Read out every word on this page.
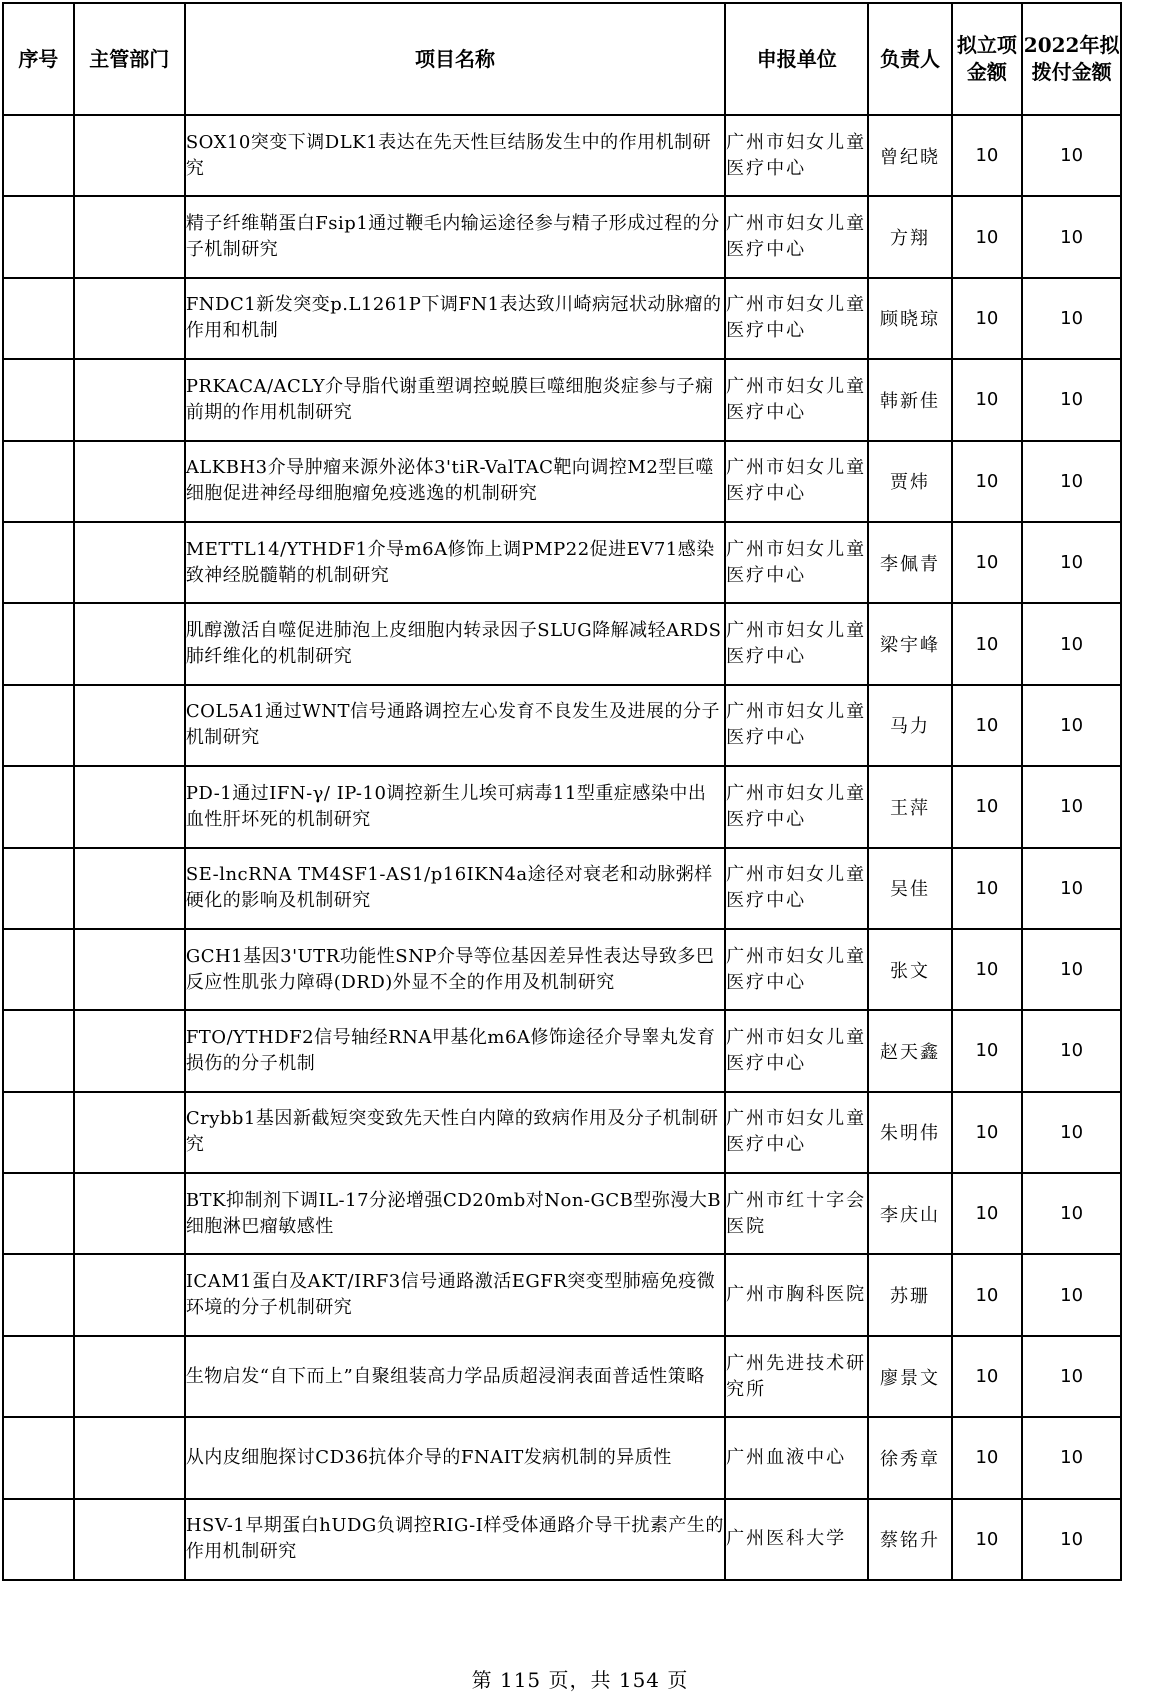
序号	主管部门	项目名称	申报单位	负责人	拟立项金额	2022年拟拨付金额
		SOX10突变下调DLK1表达在先天性巨结肠发生中的作用机制研究	广州市妇女儿童医疗中心	曾纪晓	10	10
		精子纤维鞘蛋白Fsip1通过鞭毛内输运途径参与精子形成过程的分子机制研究	广州市妇女儿童医疗中心	方翔	10	10
		FNDC1新发突变p.L1261P下调FN1表达致川崎病冠状动脉瘤的作用和机制	广州市妇女儿童医疗中心	顾晓琼	10	10
		PRKACA/ACLY介导脂代谢重塑调控蜕膜巨噬细胞炎症参与子痫前期的作用机制研究	广州市妇女儿童医疗中心	韩新佳	10	10
		ALKBH3介导肿瘤来源外泌体3'tiR-ValTAC靶向调控M2型巨噬细胞促进神经母细胞瘤免疫逃逸的机制研究	广州市妇女儿童医疗中心	贾炜	10	10
		METTL14/YTHDF1介导m6A修饰上调PMP22促进EV71感染致神经脱髓鞘的机制研究	广州市妇女儿童医疗中心	李佩青	10	10
		肌醇激活自噬促进肺泡上皮细胞内转录因子SLUG降解减轻ARDS肺纤维化的机制研究	广州市妇女儿童医疗中心	梁宇峰	10	10
		COL5A1通过WNT信号通路调控左心发育不良发生及进展的分子机制研究	广州市妇女儿童医疗中心	马力	10	10
		PD-1通过IFN-γ/ IP-10调控新生儿埃可病毒11型重症感染中出血性肝坏死的机制研究	广州市妇女儿童医疗中心	王萍	10	10
		SE-lncRNA TM4SF1-AS1/p16IKN4a途径对衰老和动脉粥样硬化的影响及机制研究	广州市妇女儿童医疗中心	吴佳	10	10
		GCH1基因3'UTR功能性SNP介导等位基因差异性表达导致多巴反应性肌张力障碍(DRD)外显不全的作用及机制研究	广州市妇女儿童医疗中心	张文	10	10
		FTO/YTHDF2信号轴经RNA甲基化m6A修饰途径介导睾丸发育损伤的分子机制	广州市妇女儿童医疗中心	赵天鑫	10	10
		Crybb1基因新截短突变致先天性白内障的致病作用及分子机制研究	广州市妇女儿童医疗中心	朱明伟	10	10
		BTK抑制剂下调IL-17分泌增强CD20mb对Non-GCB型弥漫大B细胞淋巴瘤敏感性	广州市红十字会医院	李庆山	10	10
		ICAM1蛋白及AKT/IRF3信号通路激活EGFR突变型肺癌免疫微环境的分子机制研究	广州市胸科医院	苏珊	10	10
		生物启发“自下而上”自聚组装高力学品质超浸润表面普适性策略	广州先进技术研究所	廖景文	10	10
		从内皮细胞探讨CD36抗体介导的FNAIT发病机制的异质性	广州血液中心	徐秀章	10	10
		HSV-1早期蛋白hUDG负调控RIG-I样受体通路介导干扰素产生的作用机制研究	广州医科大学	蔡铭升	10	10
第 115 页，共 154 页
